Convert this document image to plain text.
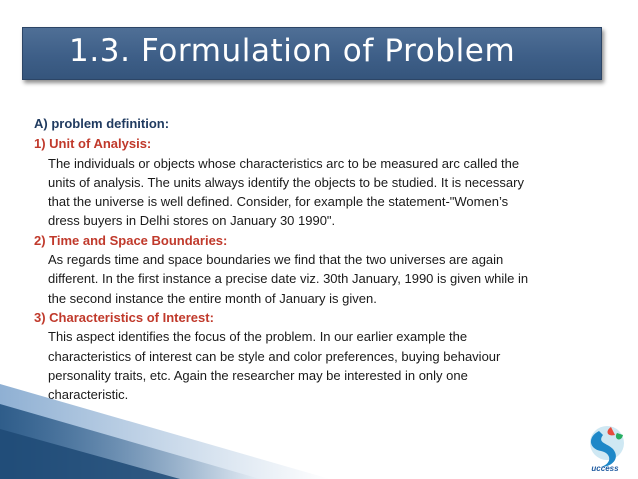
1.3. Formulation of Problem

A) problem definition:

1) Unit of Analysis:

The individuals or objects whose characteristics arc to be measured arc called the

units of analysis. The units always identify the objects to be studied. It is necessary

that the universe is well defined. Consider, for example the statement-"Women’s

dress buyers in Delhi stores on January 30 1990".

2) Time and Space Boundaries:

As regards time and space boundaries we find that the two universes are again

different. In the first instance a precise date viz. 30th January, 1990 is given while in

the second instance the entire month of January is given.

3) Characteristics of Interest:

This aspect identifies the focus of the problem. In our earlier example the

characteristics of interest can be style and color preferences, buying behaviour

personality traits, etc. Again the researcher may be interested in only one

characteristic.

uccess
